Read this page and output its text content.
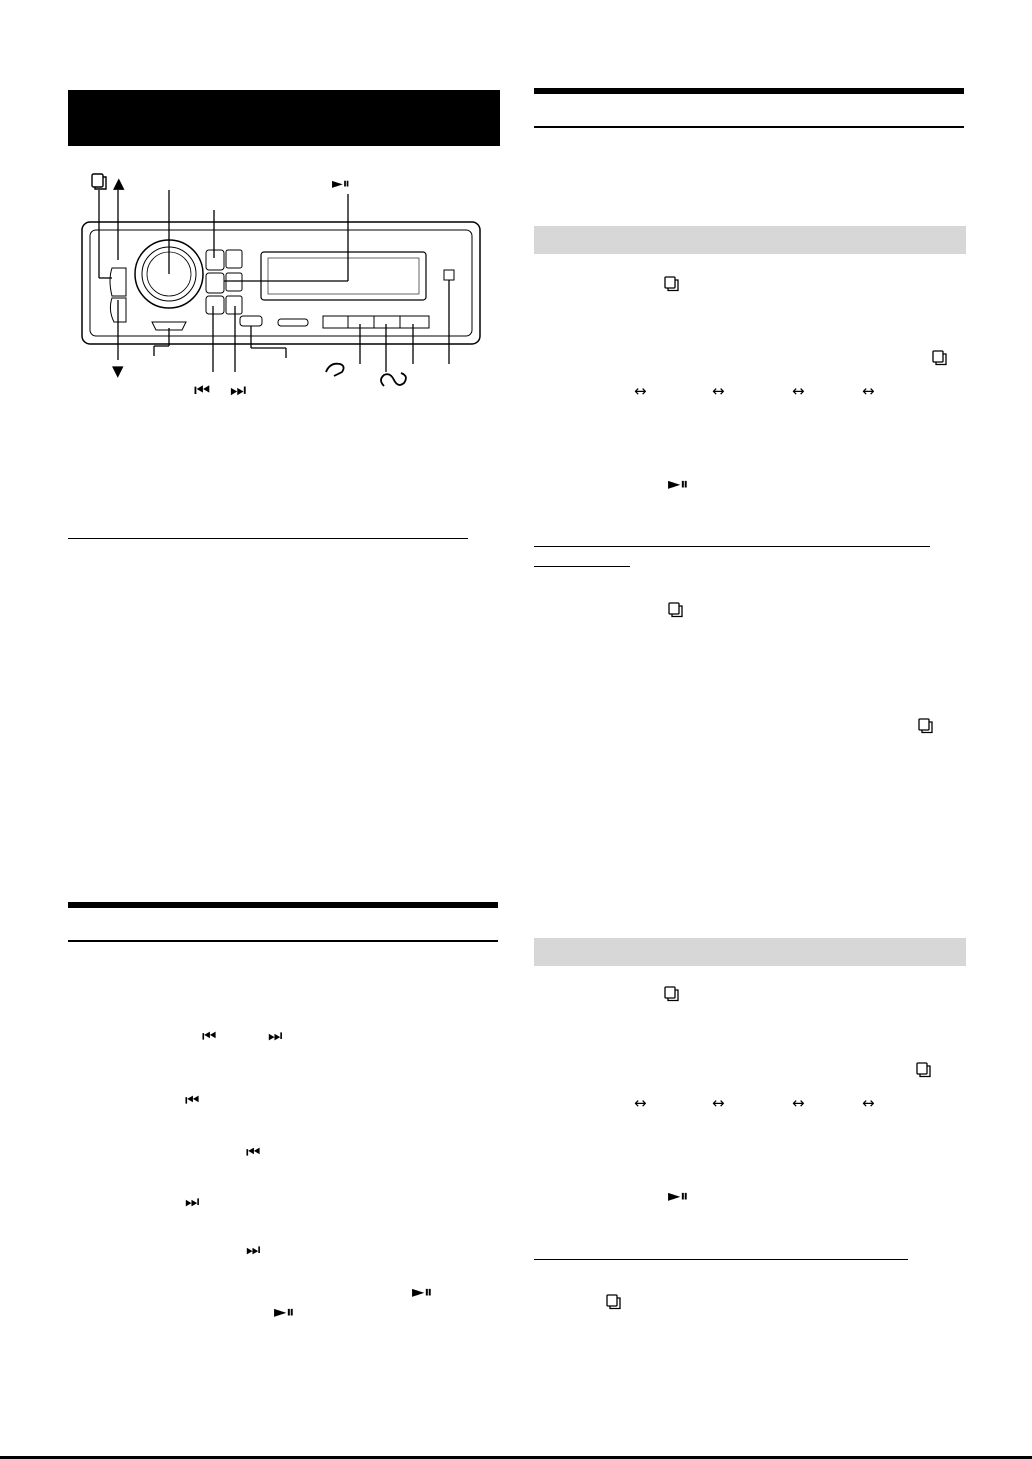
▲	►⏸
▼
⏮ ⏭
⏮	⏭
⏮
⏮
⏭
⏭
►⏸
►⏸
↔	↔	↔	↔
↔	↔	↔	↔
►⏸
►⏸
